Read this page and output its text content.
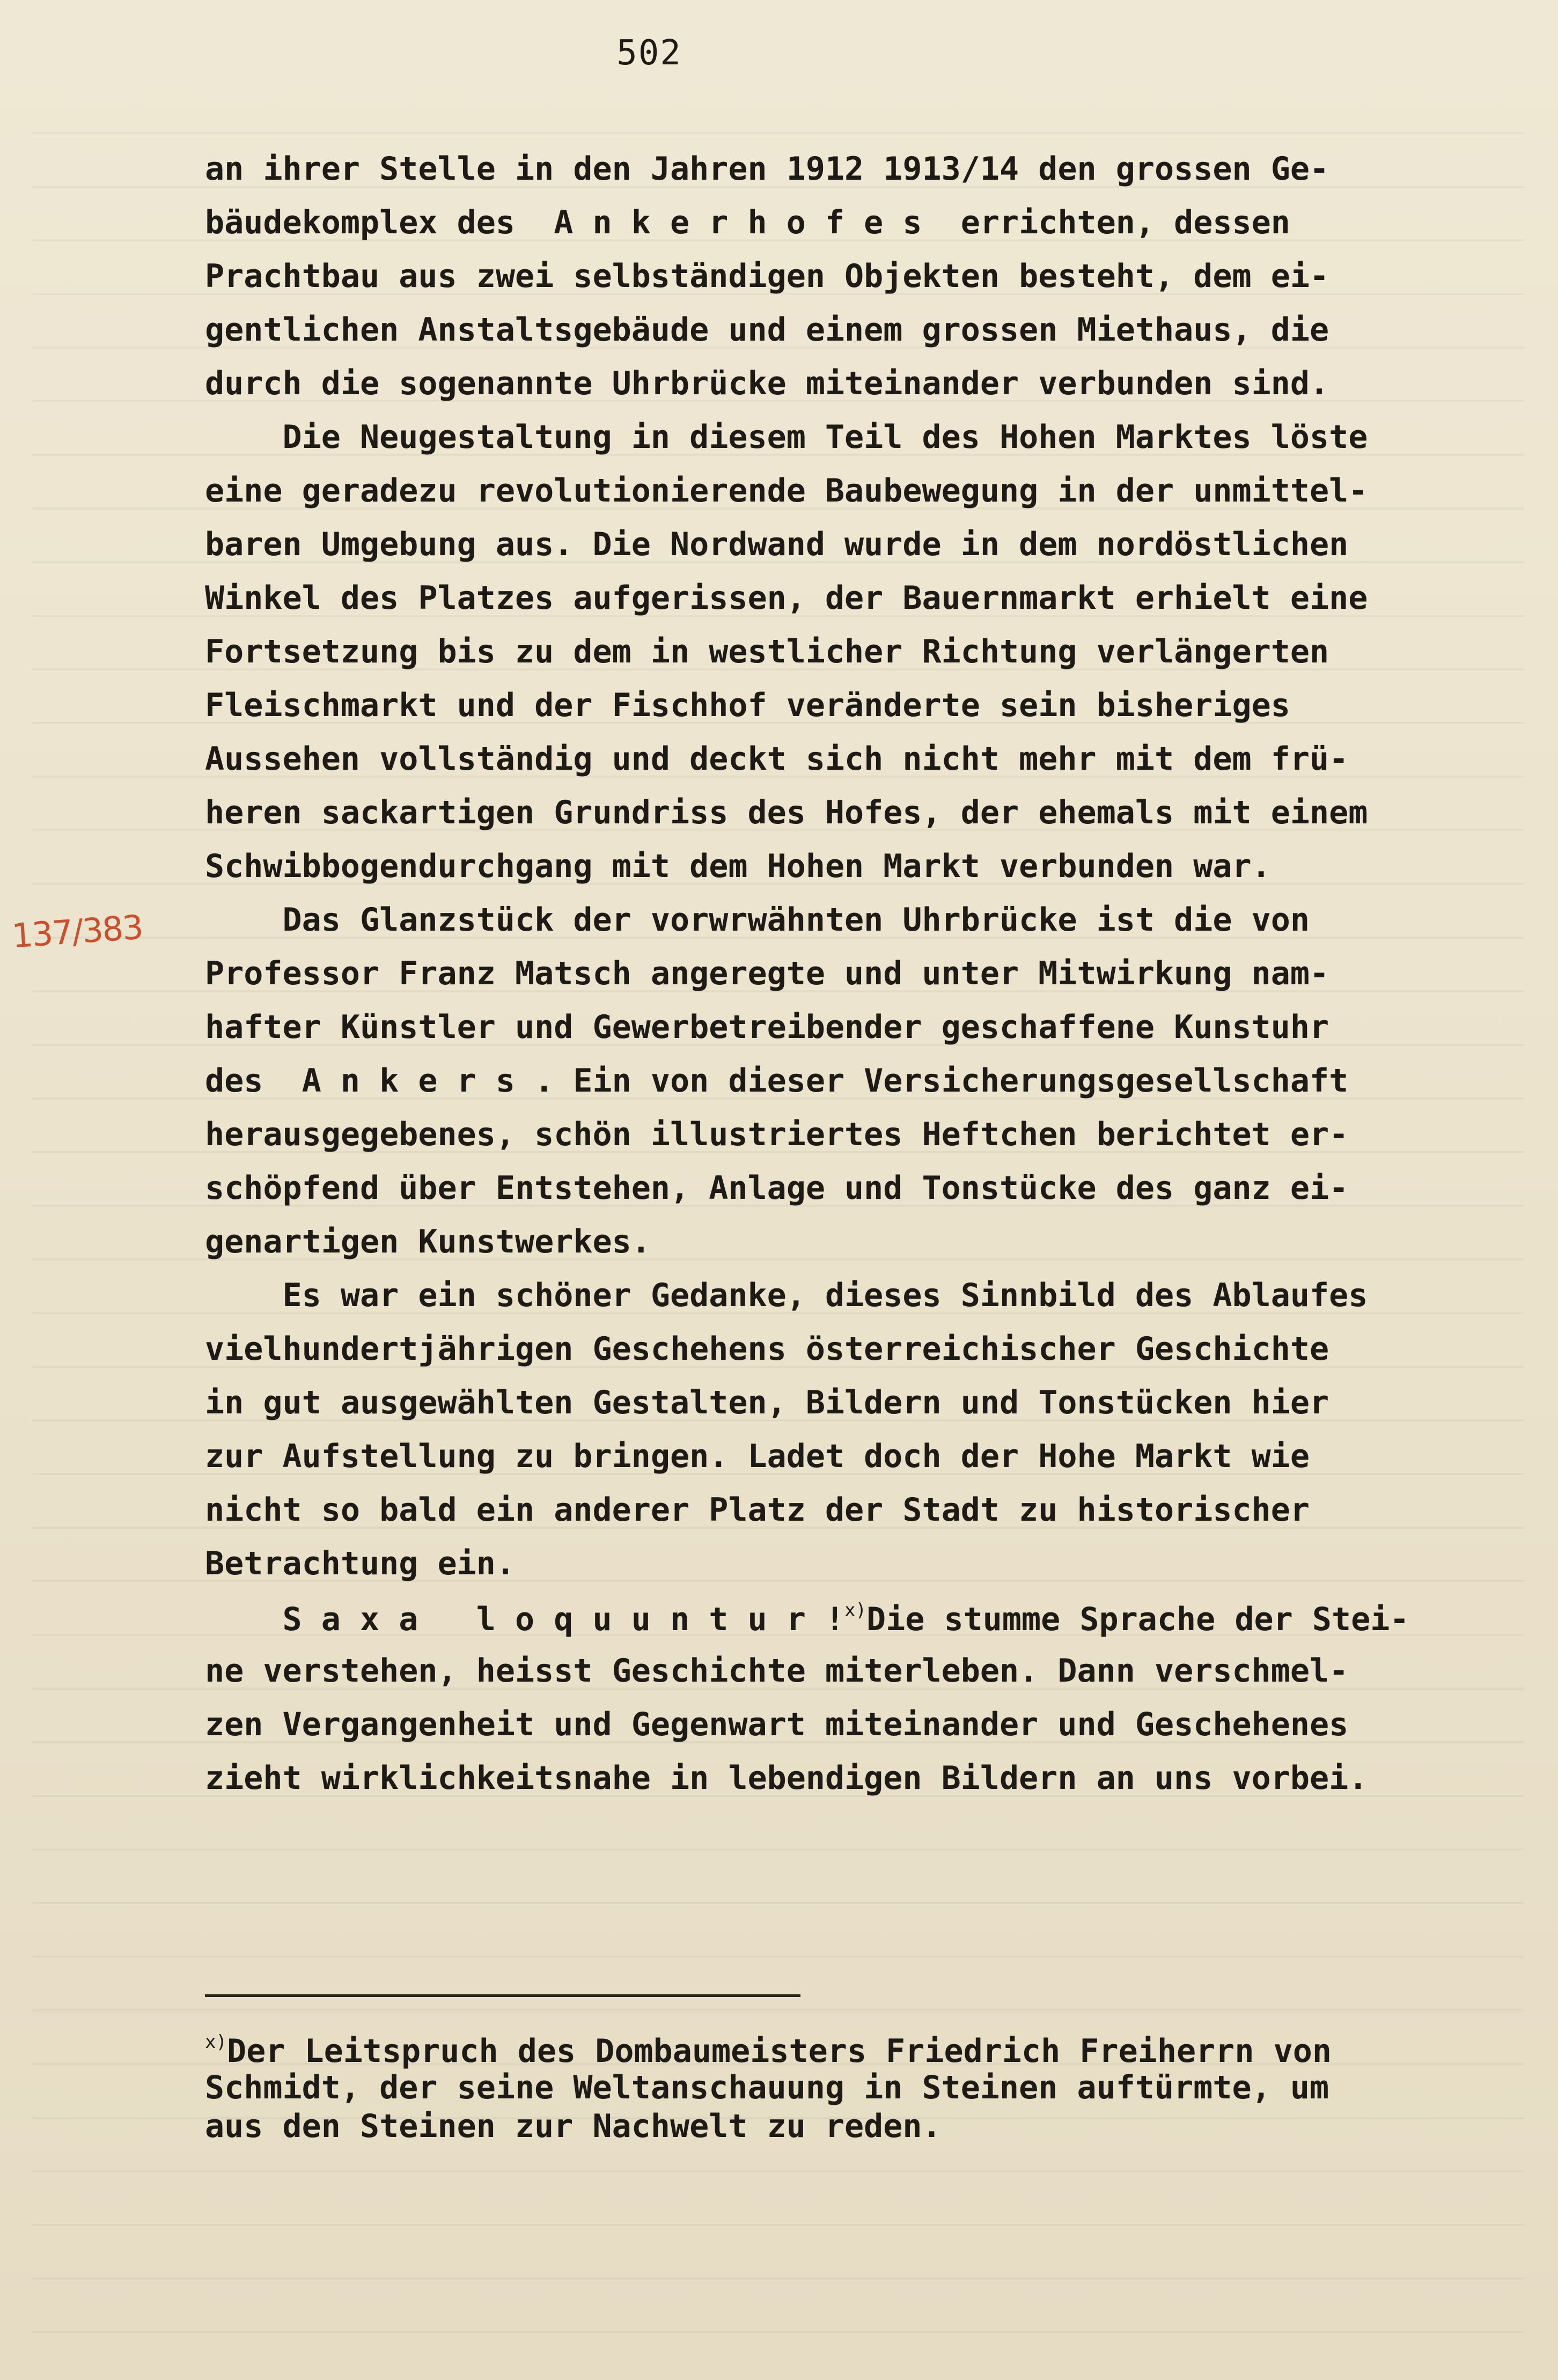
502
137/383
an ihrer Stelle in den Jahren 1912 1913/14 den grossen Ge-
bäudekomplex des  A n k e r h o f e s  errichten, dessen
Prachtbau aus zwei selbständigen Objekten besteht, dem ei-
gentlichen Anstaltsgebäude und einem grossen Miethaus, die
durch die sogenannte Uhrbrücke miteinander verbunden sind.
Die Neugestaltung in diesem Teil des Hohen Marktes löste
eine geradezu revolutionierende Baubewegung in der unmittel-
baren Umgebung aus. Die Nordwand wurde in dem nordöstlichen
Winkel des Platzes aufgerissen, der Bauernmarkt erhielt eine
Fortsetzung bis zu dem in westlicher Richtung verlängerten
Fleischmarkt und der Fischhof veränderte sein bisheriges
Aussehen vollständig und deckt sich nicht mehr mit dem frü-
heren sackartigen Grundriss des Hofes, der ehemals mit einem
Schwibbogendurchgang mit dem Hohen Markt verbunden war.
Das Glanzstück der vorwrwähnten Uhrbrücke ist die von
Professor Franz Matsch angeregte und unter Mitwirkung nam-
hafter Künstler und Gewerbetreibender geschaffene Kunstuhr
des  A n k e r s . Ein von dieser Versicherungsgesellschaft
herausgegebenes, schön illustriertes Heftchen berichtet er-
schöpfend über Entstehen, Anlage und Tonstücke des ganz ei-
genartigen Kunstwerkes.
Es war ein schöner Gedanke, dieses Sinnbild des Ablaufes
vielhundertjährigen Geschehens österreichischer Geschichte
in gut ausgewählten Gestalten, Bildern und Tonstücken hier
zur Aufstellung zu bringen. Ladet doch der Hohe Markt wie
nicht so bald ein anderer Platz der Stadt zu historischer
Betrachtung ein.
S a x a   l o q u u n t u r !$^{x)}$Die stumme Sprache der Stei-
ne verstehen, heisst Geschichte miterleben. Dann verschmel-
zen Vergangenheit und Gegenwart miteinander und Geschehenes
zieht wirklichkeitsnahe in lebendigen Bildern an uns vorbei.
$^{x)}$Der Leitspruch des Dombaumeisters Friedrich Freiherrn von
Schmidt, der seine Weltanschauung in Steinen auftürmte, um
aus den Steinen zur Nachwelt zu reden.
